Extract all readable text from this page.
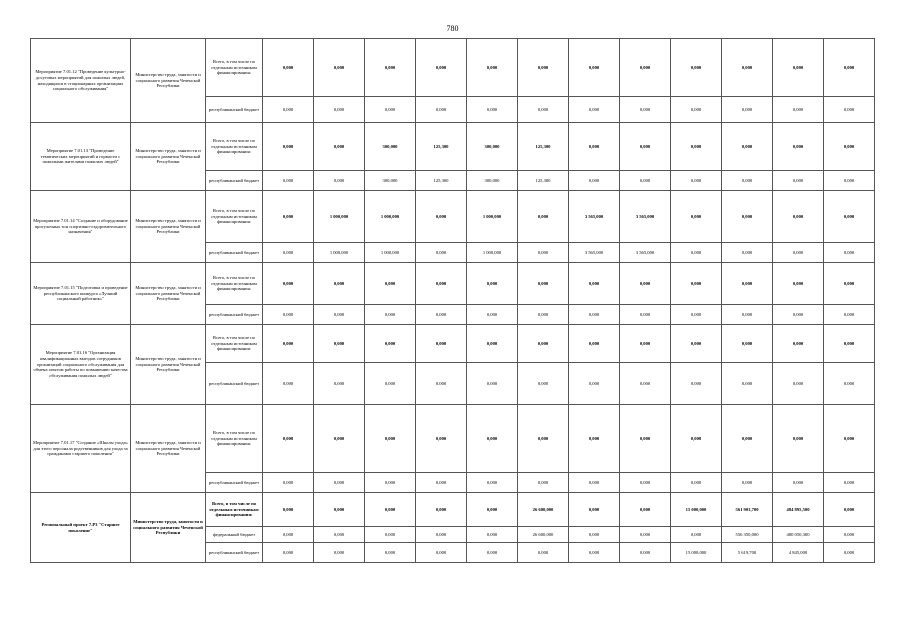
780
Мероприятие 7.01.12 "Проведение культурно-досуговых мероприятий для пожилых людей, находящихся в стационарных организациях социального обслуживания"	Министерство труда, занятости и социального развития Чеченской Республики	Всего, в том числе по отдельным источникам финансирования:	0,000	0,000	0,000	0,000	0,000	0,000	0,000	0,000	0,000	0,000	0,000	0,000
		республиканский бюджет	0,000	0,000	0,000	0,000	0,000	0,000	0,000	0,000	0,000	0,000	0,000	0,000
Мероприятие 7.01.13 "Проведение тематических мероприятий и гормасти с пожилыми жителями пожилых людей"	Министерство труда, занятости и социального развития Чеченской Республики	Всего, в том числе по отдельным источникам финансирования:	0,000	0,000	300,000	125,300	300,000	125,300	0,000	0,000	0,000	0,000	0,000	0,000
		республиканский бюджет	0,000	0,000	300,000	125,300	300,000	125,300	0,000	0,000	0,000	0,000	0,000	0,000
Мероприятие 7.01.14 "Создание и оборудование прогулочных зон спортивно-оздоровительного назначения"	Министерство труда, занятости и социального развития Чеченской Республики	Всего, в том числе по отдельным источникам финансирования:	0,000	1 000,000	1 000,000	0,000	1 000,000	0,000	3 565,000	3 565,000	0,000	0,000	0,000	0,000
		республиканский бюджет	0,000	1 000,000	1 000,000	0,000	1 000,000	0,000	3 565,000	3 565,000	0,000	0,000	0,000	0,000
Мероприятие 7.01.15 "Подготовка и проведение республиканского конкурса «Лучший социальный работник»"	Министерство труда, занятости и социального развития Чеченской Республики	Всего, в том числе по отдельным источникам финансирования:	0,000	0,000	0,000	0,000	0,000	0,000	0,000	0,000	0,000	0,000	0,000	0,000
		республиканский бюджет	0,000	0,000	0,000	0,000	0,000	0,000	0,000	0,000	0,000	0,000	0,000	0,000
Мероприятие 7.01.16 "Организация квалификационных выездов сотрудников организаций социального обслуживания для обмена опытом работы по повышению качества обслуживания пожилых людей"	Министерство труда, занятости и социального развития Чеченской Республики	Всего, в том числе по отдельным источникам финансирования:	0,000	0,000	0,000	0,000	0,000	0,000	0,000	0,000	0,000	0,000	0,000	0,000
		республиканский бюджет	0,000	0,000	0,000	0,000	0,000	0,000	0,000	0,000	0,000	0,000	0,000	0,000
Мероприятие 7.01.17 "Создание «Школы ухода» для этого персонала родственников для ухода за гражданами старшего поколения"	Министерство труда, занятости и социального развития Чеченской Республики	Всего, в том числе по отдельным источникам финансирования:	0,000	0,000	0,000	0,000	0,000	0,000	0,000	0,000	0,000	0,000	0,000	0,000
		республиканский бюджет	0,000	0,000	0,000	0,000	0,000	0,000	0,000	0,000	0,000	0,000	0,000	0,000
Региональный проект 7.Р3 "Старшее поколение"	Министерство труда, занятости и социального развития Чеченской Республики	Всего, в том числе по отдельным источникам финансирования:	0,000	0,000	0,000	0,000	0,000	26 600,000	0,000	0,000	15 000,000	561 903,700	484 895,500	0,000
		федеральный бюджет	0,000	0,000	0,000	0,000	0,000	26 600,000	0,000	0,000	0,000	556 350,000	480 050,300	0,000
		республиканский бюджет	0,000	0,000	0,000	0,000	0,000	0,000	0,000	0,000	15 000,000	5 619,700	4 845,000	0,000
